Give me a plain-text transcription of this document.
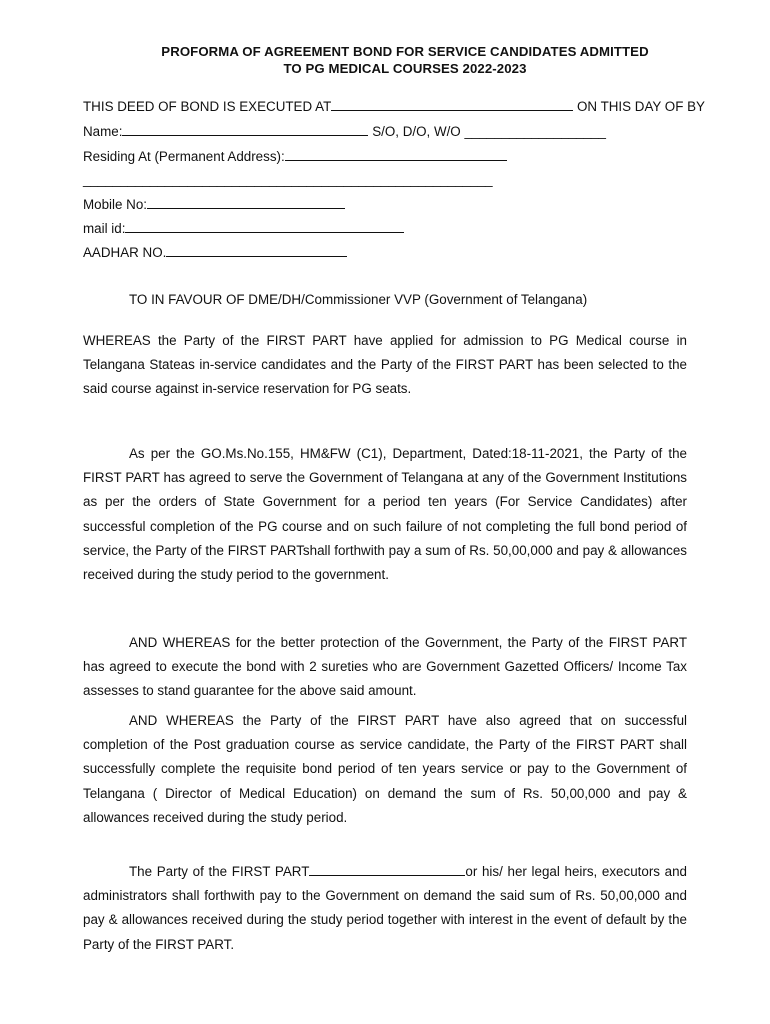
PROFORMA OF AGREEMENT BOND FOR SERVICE CANDIDATES ADMITTED
TO PG MEDICAL COURSES 2022-2023
THIS DEED OF BOND IS EXECUTED AT	ON THIS DAY OF BY
Name:	S/O, D/O, W/O ___________________
Residing At (Permanent Address):
_______________________________________________________
Mobile No:
mail id:
AADHAR NO.
TO IN FAVOUR OF DME/DH/Commissioner VVP (Government of Telangana)

WHEREAS the Party of the FIRST PART have applied for admission to PG Medical course in Telangana Stateas in-service candidates and the Party of the FIRST PART has been selected to the said course against in-service reservation for PG seats.

As per the GO.Ms.No.155, HM&FW (C1), Department, Dated:18-11-2021, the Party of the FIRST PART has agreed to serve the Government of Telangana at any of the Government Institutions as per the orders of State Government for a period ten years (For Service Candidates) after successful completion of the PG course and on such failure of not completing the full bond period of service, the Party of the FIRST PARTshall forthwith pay a sum of Rs. 50,00,000 and pay & allowances received during the study period to the government.

AND WHEREAS for the better protection of the Government, the Party of the FIRST PART has agreed to execute the bond with 2 sureties who are Government Gazetted Officers/ Income Tax assesses to stand guarantee for the above said amount.

AND WHEREAS the Party of the FIRST PART have also agreed that on successful completion of the Post graduation course as service candidate, the Party of the FIRST PART shall successfully complete the requisite bond period of ten years service or pay to the Government of Telangana ( Director of Medical Education) on demand the sum of Rs. 50,00,000 and pay & allowances received during the study period.

The Party of the FIRST PART	or his/ her legal heirs, executors and administrators shall forthwith pay to the Government on demand the said sum of Rs. 50,00,000 and pay & allowances received during the study period together with interest in the event of default by the Party of the FIRST PART.
